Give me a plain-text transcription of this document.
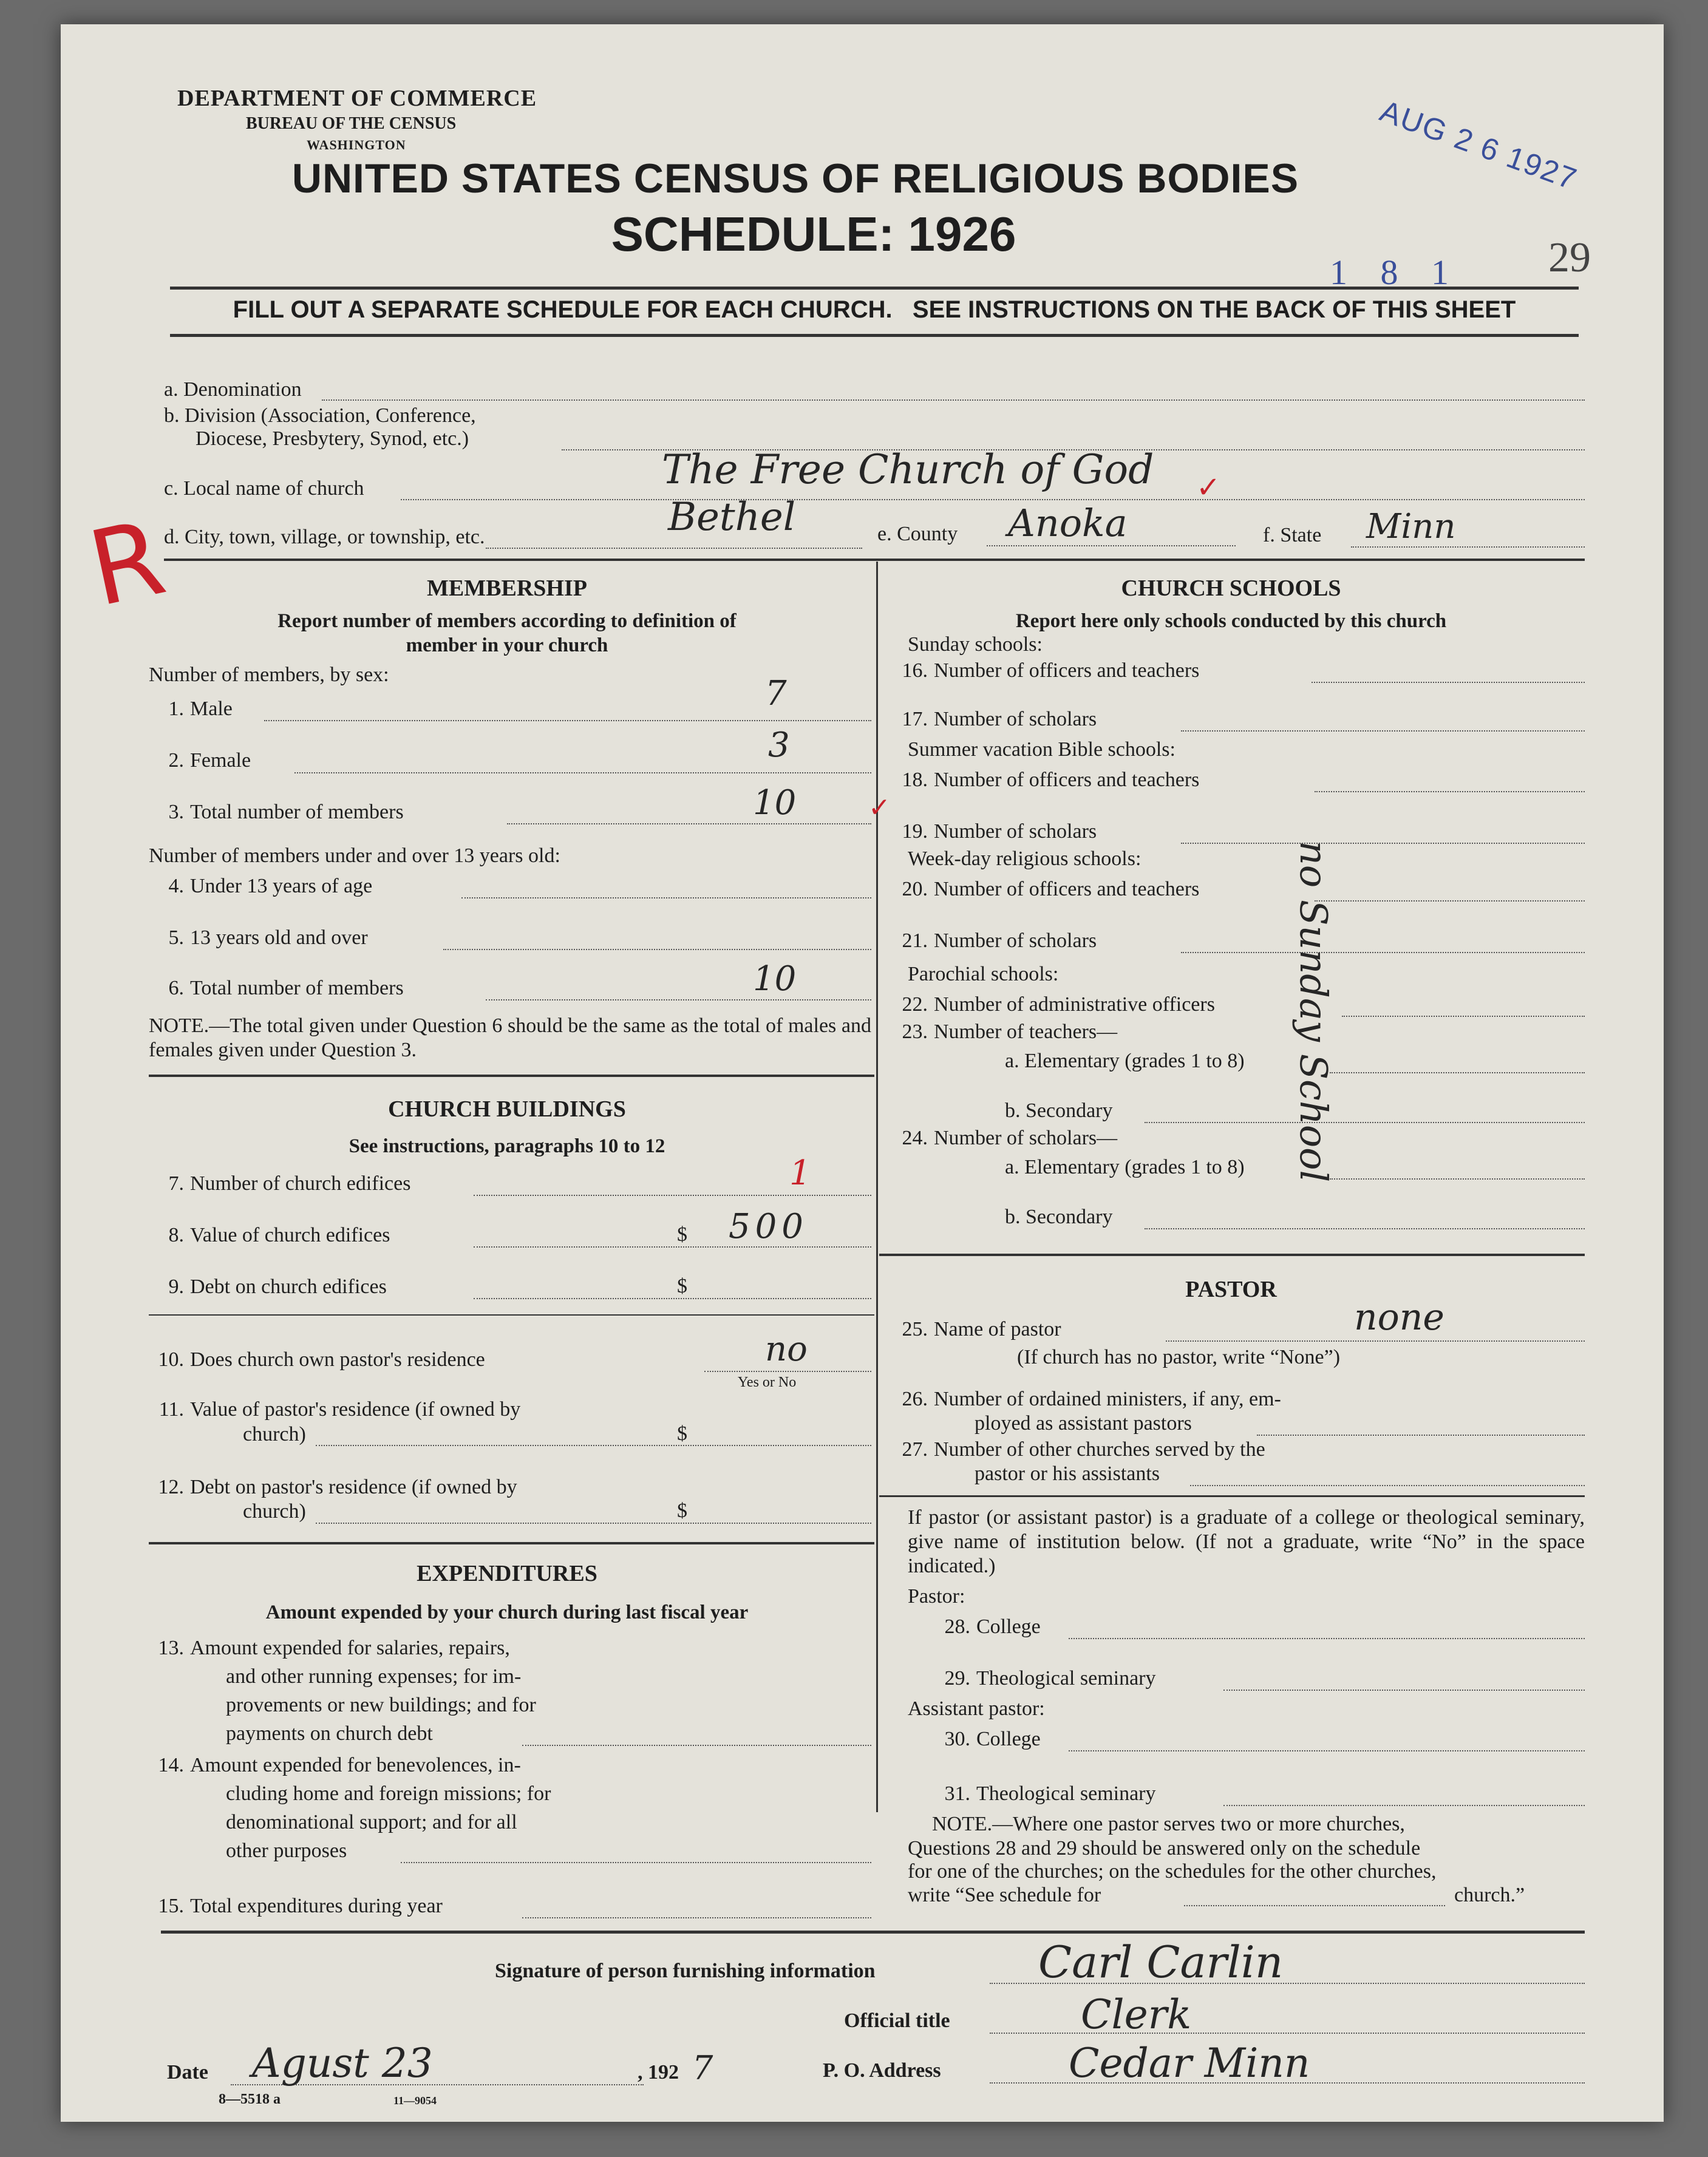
DEPARTMENT OF COMMERCE
BUREAU OF THE CENSUS
WASHINGTON
UNITED STATES CENSUS OF RELIGIOUS BODIES
SCHEDULE: 1926
AUG 2 6 1927
1 8 1 29
FILL OUT A SEPARATE SCHEDULE FOR EACH CHURCH.   SEE INSTRUCTIONS ON THE BACK OF THIS SHEET
a. Denomination
b. Division (Association, Conference,
Diocese, Presbytery, Synod, etc.)
c. Local name of church	The Free Church of God ✓
d. City, town, village, or township, etc.	Bethel	e. County Anoka	f. State Minn
R	MEMBERSHIP
Report number of members according to definition of
member in your church
Number of members, by sex:
1. Male	7
2. Female	3
3. Total number of members	10	✓
Number of members under and over 13 years old:
4. Under 13 years of age
5. 13 years old and over
6. Total number of members	10
NOTE.—The total given under Question 6 should be the same as the total of males and females given under Question 3.
CHURCH BUILDINGS
See instructions, paragraphs 10 to 12
7. Number of church edifices	1
8. Value of church edifices	$ 500
9. Debt on church edifices	$
10. Does church own pastor's residence	no
Yes or No
11. Value of pastor's residence (if owned by
church)	$
12. Debt on pastor's residence (if owned by
church)	$
EXPENDITURES
Amount expended by your church during last fiscal year
13. Amount expended for salaries, repairs,
and other running expenses; for im-
provements or new buildings; and for
payments on church debt
14. Amount expended for benevolences, in-
cluding home and foreign missions; for
denominational support; and for all
other purposes
15. Total expenditures during year
CHURCH SCHOOLS
Report here only schools conducted by this church
Sunday schools:
16. Number of officers and teachers
17. Number of scholars
Summer vacation Bible schools:
18. Number of officers and teachers
19. Number of scholars
Week-day religious schools:
20. Number of officers and teachers
21. Number of scholars
Parochial schools:
22. Number of administrative officers
23. Number of teachers—
a. Elementary (grades 1 to 8)
b. Secondary
24. Number of scholars—
a. Elementary (grades 1 to 8)
b. Secondary
no Sunday School
PASTOR
25. Name of pastor	none
(If church has no pastor, write “None”)
26. Number of ordained ministers, if any, em-
ployed as assistant pastors
27. Number of other churches served by the
pastor or his assistants
If pastor (or assistant pastor) is a graduate of a college or theological seminary, give name of institution below. (If not a graduate, write “No” in the space indicated.)
Pastor:
28. College
29. Theological seminary
Assistant pastor:
30. College
31. Theological seminary
NOTE.—Where one pastor serves two or more churches,
Questions 28 and 29 should be answered only on the schedule
for one of the churches; on the schedules for the other churches,
write “See schedule for	church.”
Signature of person furnishing information	Carl Carlin
Official title	Clerk
Date Agust 23	, 192 7	P. O. Address	Cedar Minn
8—5518 a	11—9054
